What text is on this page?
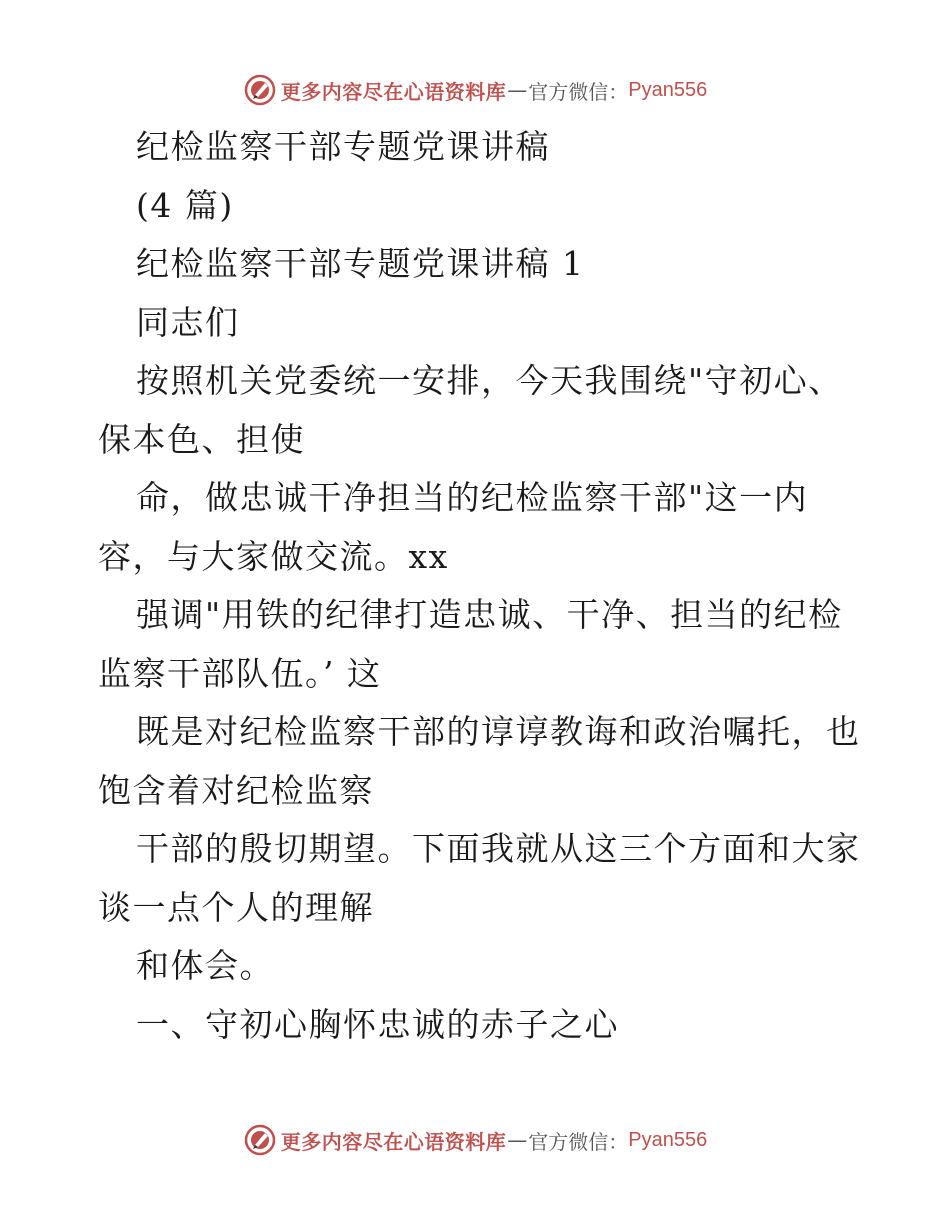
更多内容尽在心语资料库 — 官方微信： Pyan556
纪检监察干部专题党课讲稿
(4 篇)
纪检监察干部专题党课讲稿 1
同志们
按照机关党委统一安排，今天我围绕"守初心、
保本色、担使
命，做忠诚干净担当的纪检监察干部"这一内
容，与大家做交流。xx
强调"用铁的纪律打造忠诚、干净、担当的纪检
监察干部队伍。’ 这
既是对纪检监察干部的谆谆教诲和政治嘱托，也
饱含着对纪检监察
干部的殷切期望。下面我就从这三个方面和大家
谈一点个人的理解
和体会。
一、守初心胸怀忠诚的赤子之心
更多内容尽在心语资料库 — 官方微信： Pyan556
